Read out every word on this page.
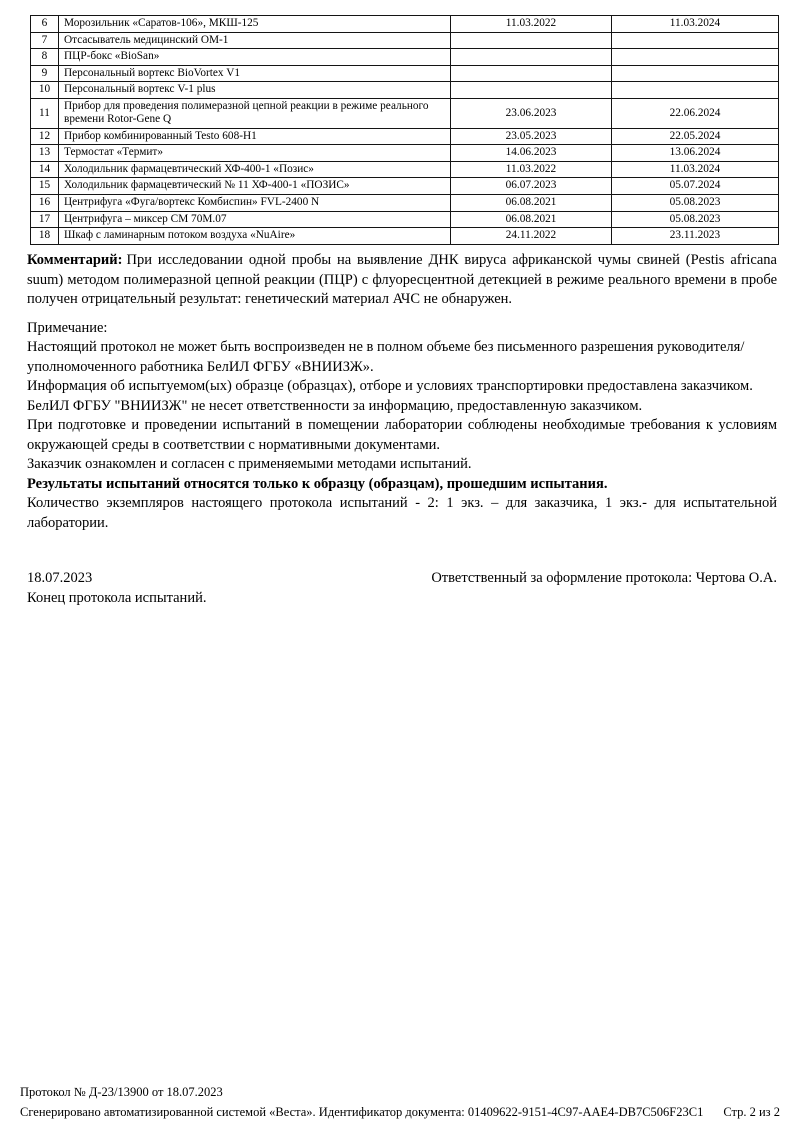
6	Морозильник «Саратов-106», МКШ-125	11.03.2022	11.03.2024
7	Отсасыватель медицинский ОМ-1		
8	ПЦР-бокс «BioSan»		
9	Персональный вортекс BioVortex V1		
10	Персональный вортекс V-1 plus		
11	Прибор для проведения полимеразной цепной реакции в режиме реального времени Rotor-Gene Q	23.06.2023	22.06.2024
12	Прибор комбинированный Testo 608-H1	23.05.2023	22.05.2024
13	Термостат «Термит»	14.06.2023	13.06.2024
14	Холодильник фармацевтический ХФ-400-1 «Позис»	11.03.2022	11.03.2024
15	Холодильник фармацевтический № 11 ХФ-400-1 «ПОЗИС»	06.07.2023	05.07.2024
16	Центрифуга «Фуга/вортекс Комбиспин» FVL-2400 N	06.08.2021	05.08.2023
17	Центрифуга – миксер СМ 70М.07	06.08.2021	05.08.2023
18	Шкаф с ламинарным потоком воздуха «NuAire»	24.11.2022	23.11.2023

Комментарий: При исследовании одной пробы на выявление ДНК вируса африканской чумы свиней (Pestis africana suum) методом полимеразной цепной реакции (ПЦР) с флуоресцентной детекцией в режиме реального времени в пробе получен отрицательный результат: генетический материал АЧС не обнаружен.

Примечание:

Настоящий протокол не может быть воспроизведен не в полном объеме без письменного разрешения руководителя/уполномоченного работника БелИЛ ФГБУ «ВНИИЗЖ».

Информация об испытуемом(ых) образце (образцах), отборе и условиях транспортировки предоставлена заказчиком.

БелИЛ ФГБУ "ВНИИЗЖ" не несет ответственности за информацию, предоставленную заказчиком.

При подготовке и проведении испытаний в помещении лаборатории соблюдены необходимые требования к условиям окружающей среды в соответствии с нормативными документами.

Заказчик ознакомлен и согласен с применяемыми методами испытаний.

Результаты испытаний относятся только к образцу (образцам), прошедшим испытания.

Количество экземпляров настоящего протокола испытаний - 2: 1 экз. – для заказчика, 1 экз.- для испытательной лаборатории.

18.07.2023	Ответственный за оформление протокола: Чертова О.А.

Конец протокола испытаний.

Протокол № Д-23/13900 от 18.07.2023
Сгенерировано автоматизированной системой «Веста». Идентификатор документа: 01409622-9151-4C97-AAE4-DB7C506F23C1 Стр. 2 из 2
